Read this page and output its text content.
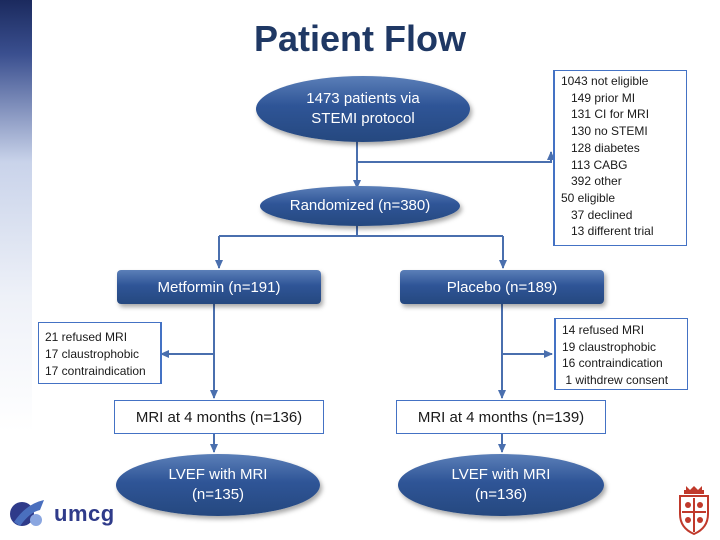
Patient Flow
1473 patients via
STEMI protocol
Randomized (n=380)
Metformin (n=191)	Placebo (n=189)
1043 not eligible
149 prior MI
131 CI for MRI
130 no STEMI
128 diabetes
113 CABG
392 other
50 eligible
37 declined
13 different trial
21 refused MRI
17 claustrophobic
17 contraindication
14 refused MRI
19 claustrophobic
16 contraindication
1 withdrew consent
MRI at 4 months (n=136)	MRI at 4 months (n=139)
LVEF with MRI
(n=135)
LVEF with MRI
(n=136)
umcg
